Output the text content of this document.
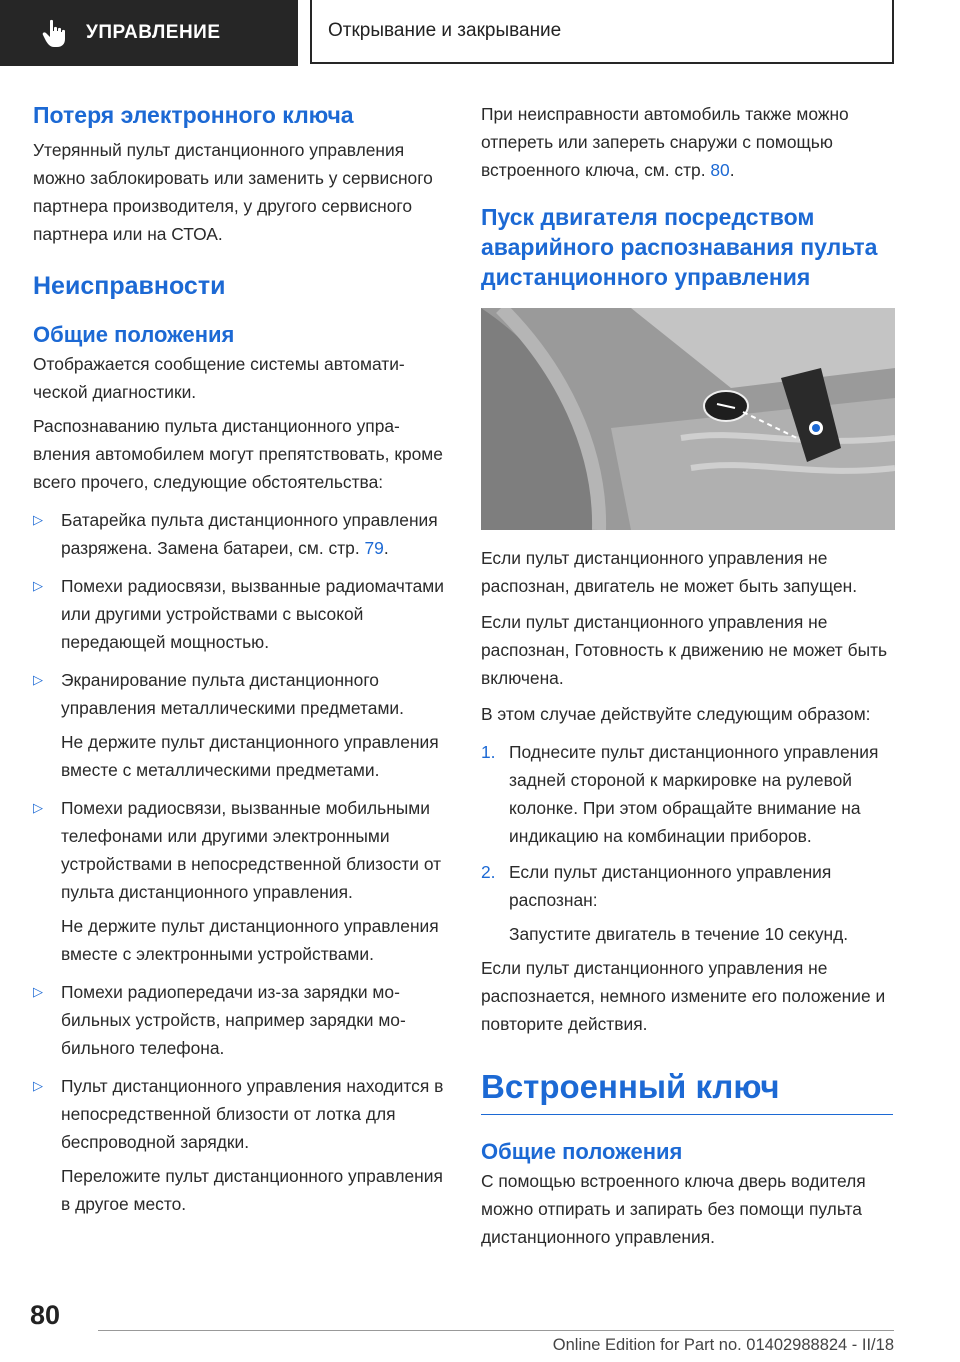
УПРАВЛЕНИЕ	Открывание и закрывание
Потеря электронного ключа

Утерянный пульт дистанционного управления можно заблокировать или заменить у сервисного партнера производителя, у другого сервисного партнера или на СТОА.

Неисправности
Общие положения

Отображается сообщение системы автоматической диагностики.

Распознаванию пульта дистанционного управления автомобилем могут препятствовать, кроме всего прочего, следующие обстоятельства:

▷	Батарейка пульта дистанционного управления разряжена. Замена батареи, см. стр. 79.

▷	Помехи радиосвязи, вызванные радиомачтами или другими устройствами с высокой передающей мощностью.

▷	Экранирование пульта дистанционного управления металлическими предметами.

Не держите пульт дистанционного управления вместе с металлическими предметами.

▷	Помехи радиосвязи, вызванные мобильными телефонами или другими электронными устройствами в непосредственной близости от пульта дистанционного управления.

Не держите пульт дистанционного управления вместе с электронными устройствами.

▷	Помехи радиопередачи из-за зарядки мобильных устройств, например зарядки мобильного телефона.

▷	Пульт дистанционного управления находится в непосредственной близости от лотка для беспроводной зарядки.

Переложите пульт дистанционного управления в другое место.

При неисправности автомобиль также можно отпереть или запереть снаружи с помощью встроенного ключа, см. стр. 80.

Пуск двигателя посредством аварийного распознавания пульта дистанционного управления

Если пульт дистанционного управления не распознан, двигатель не может быть запущен.

Если пульт дистанционного управления не распознан, Готовность к движению не может быть включена.

В этом случае действуйте следующим образом:

1. Поднесите пульт дистанционного управления задней стороной к маркировке на рулевой колонке. При этом обращайте внимание на индикацию на комбинации приборов.

2. Если пульт дистанционного управления распознан:

Запустите двигатель в течение 10 секунд.

Если пульт дистанционного управления не распознается, немного измените его положение и повторите действия.

Встроенный ключ
Общие положения

С помощью встроенного ключа дверь водителя можно отпирать и запирать без помощи пульта дистанционного управления.

80
Online Edition for Part no. 01402988824 - II/18
